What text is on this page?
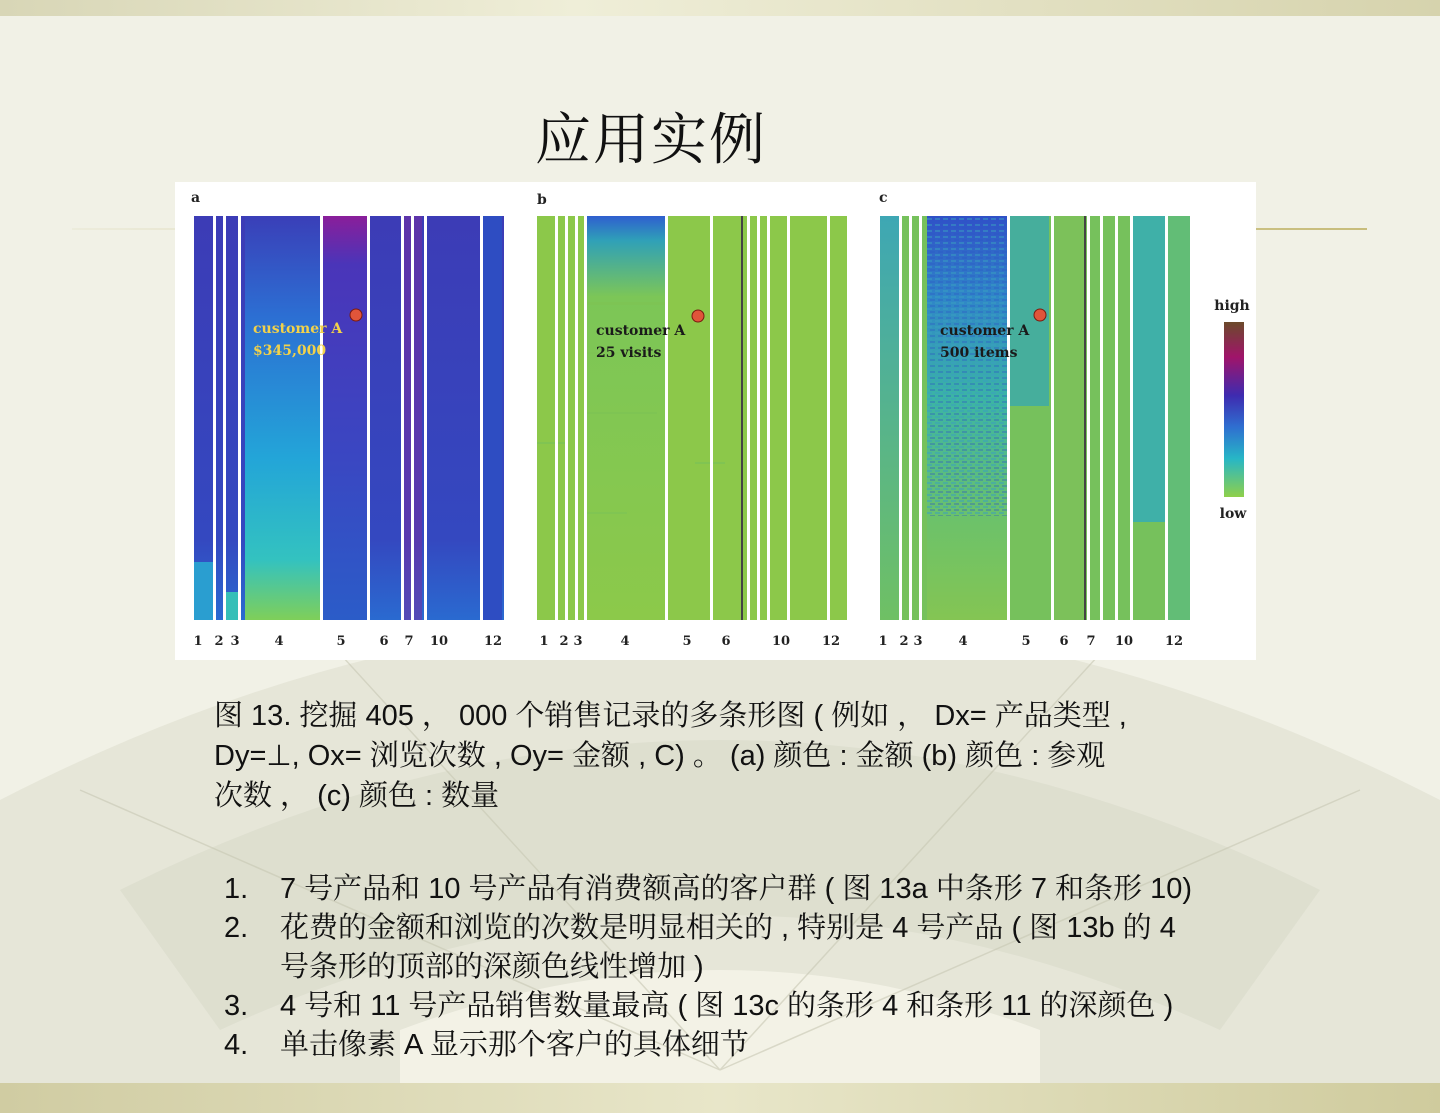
应用实例
a
customer A $345,000
1 2 3	4	5	6 7 10	12
b
customer A 25 visits
1 2 3	4	5 6	10 12
c
customer A 500 items
1 2 3	4	5 6 7 10 12
high
low
图 13. 挖掘 405 ， 000 个销售记录的多条形图 ( 例如 ， Dx= 产品类型 ,
Dy=⊥, Ox= 浏览次数 , Oy= 金额 , C) 。 (a) 颜色 : 金额 (b) 颜色 : 参观
次数 ， (c) 颜色 : 数量
1. 7 号产品和 10 号产品有消费额高的客户群 ( 图 13a 中条形 7 和条形 10)
2. 花费的金额和浏览的次数是明显相关的 , 特别是 4 号产品 ( 图 13b 的 4
号条形的顶部的深颜色线性增加 )
3. 4 号和 11 号产品销售数量最高 ( 图 13c 的条形 4 和条形 11 的深颜色 )
4. 单击像素 A 显示那个客户的具体细节
